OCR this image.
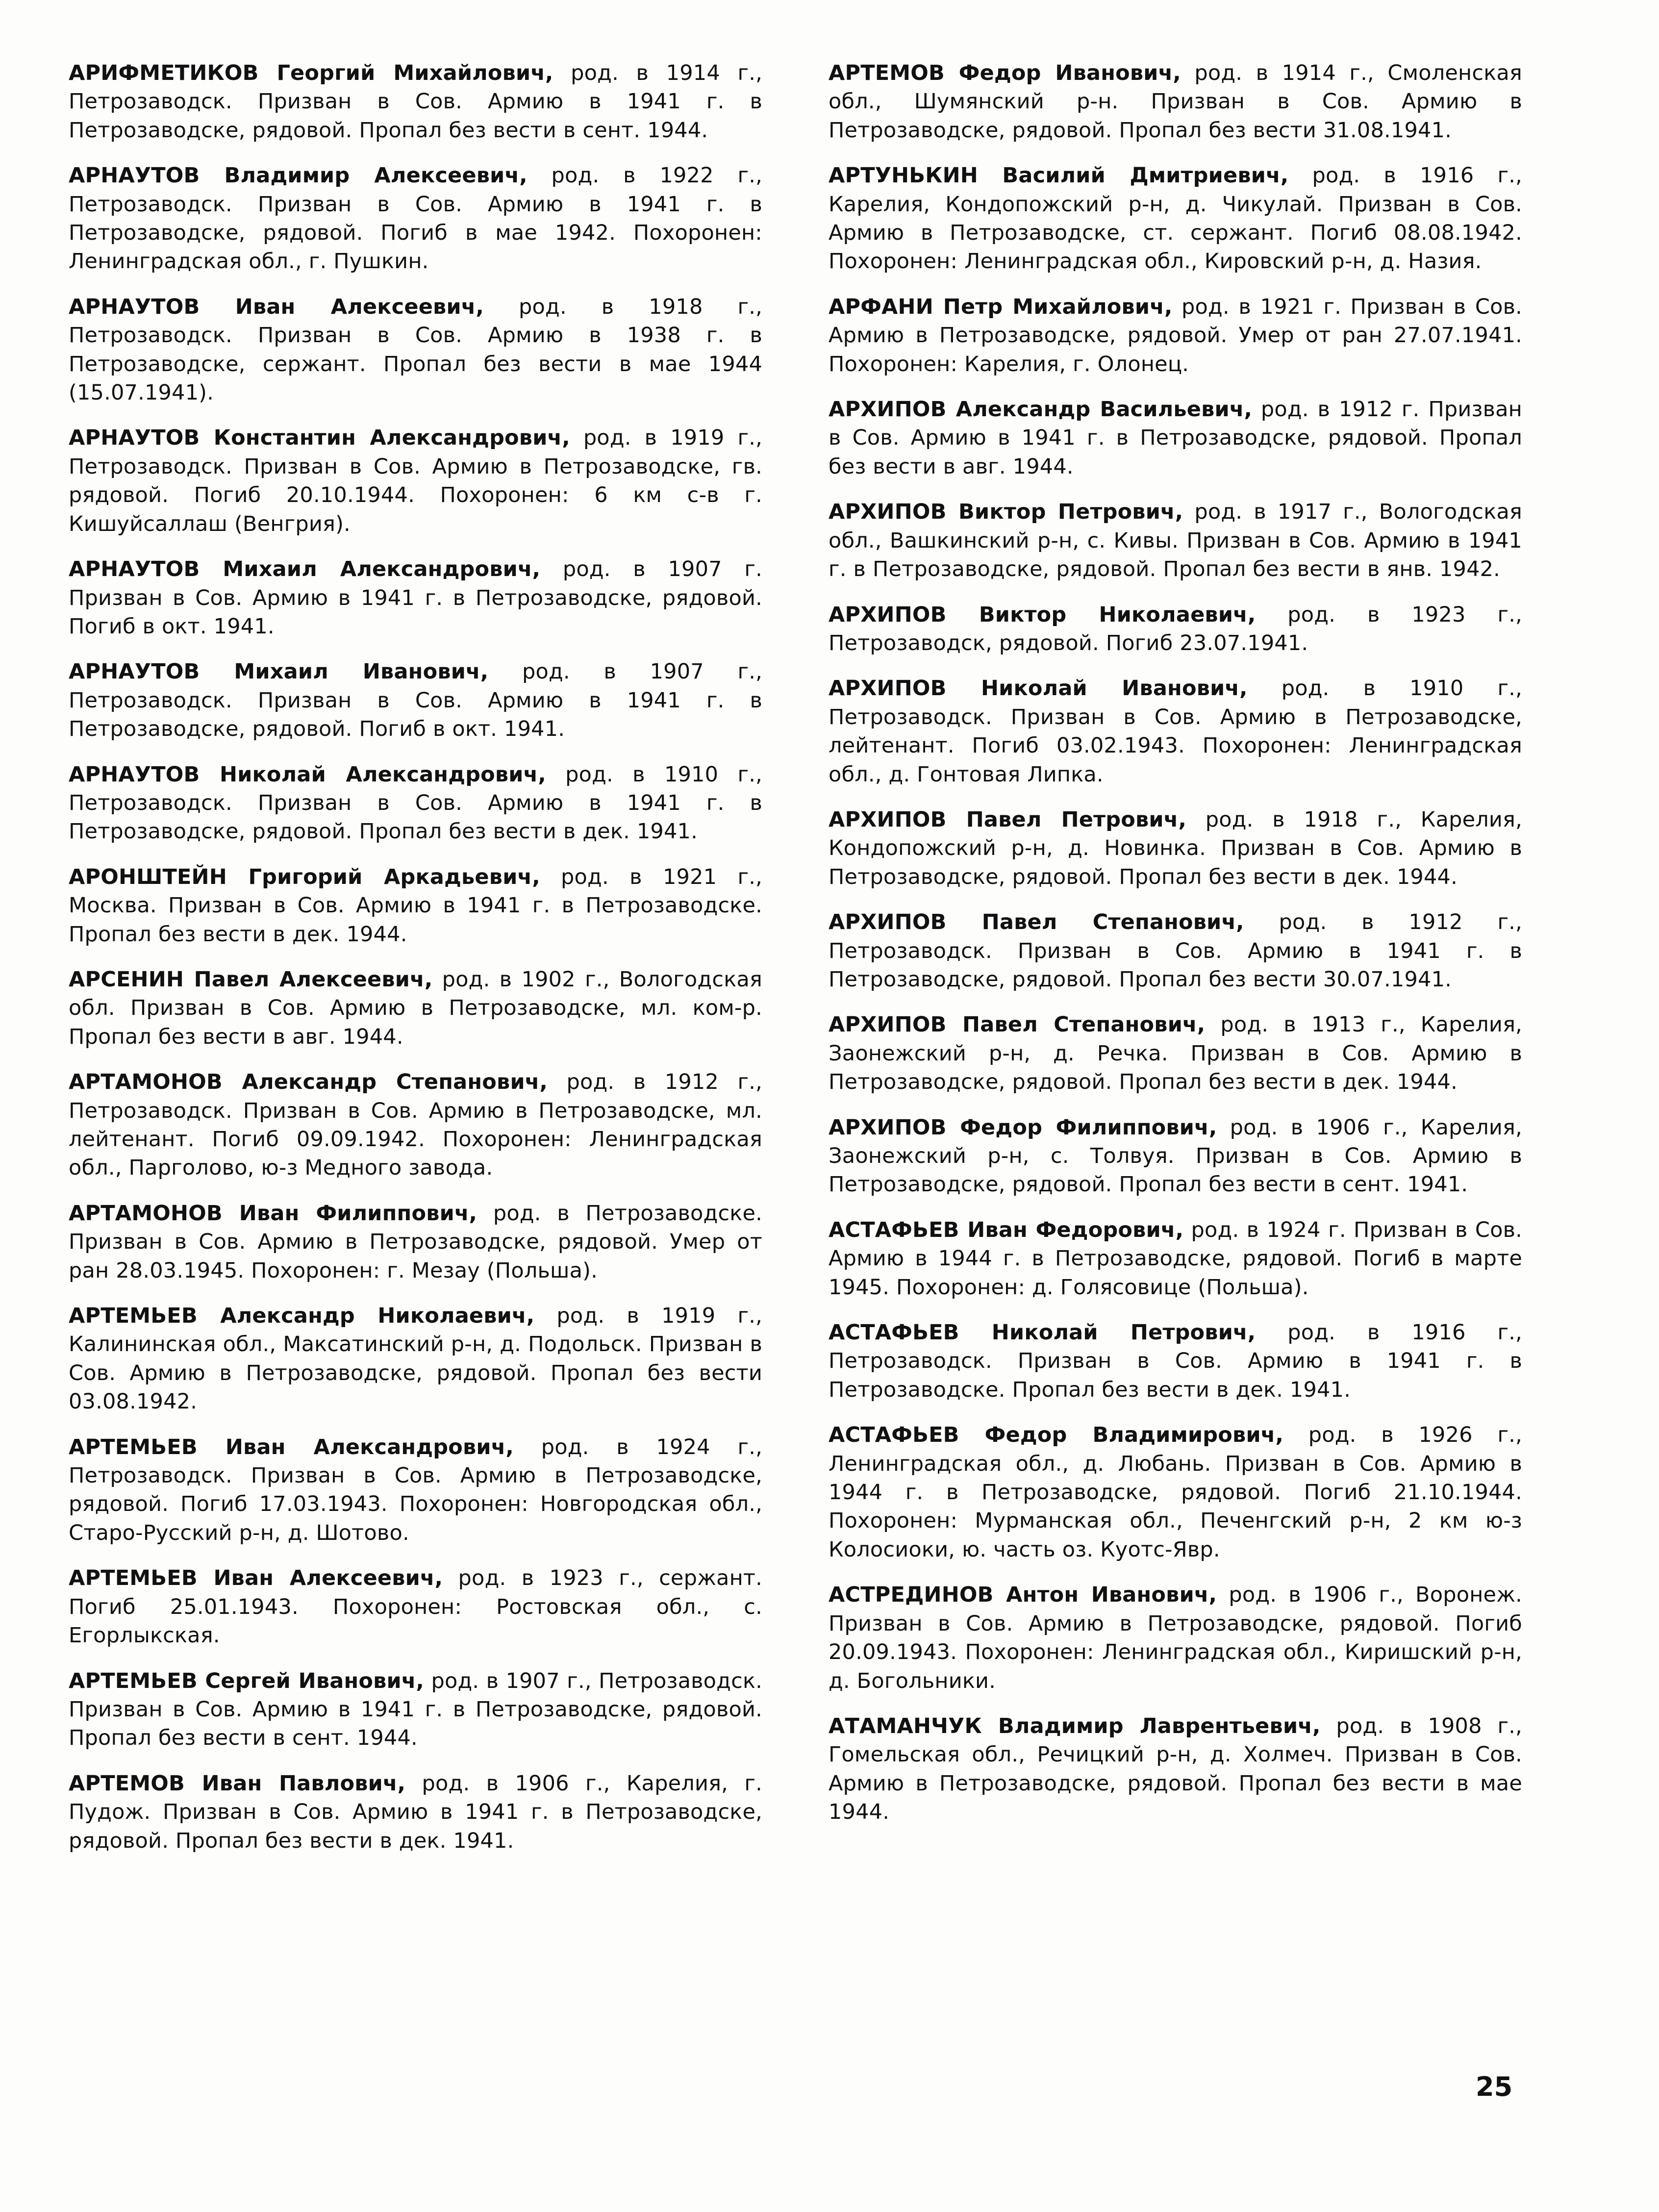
АРИФМЕТИКОВ Георгий Михайлович, род. в 1914 г., Петрозаводск. Призван в Сов. Армию в 1941 г. в Петрозаводске, рядовой. Пропал без вести в сент. 1944.

АРНАУТОВ Владимир Алексеевич, род. в 1922 г., Петрозаводск. Призван в Сов. Армию в 1941 г. в Петрозаводске, рядовой. Погиб в мае 1942. Похоронен: Ленинградская обл., г. Пушкин.

АРНАУТОВ Иван Алексеевич, род. в 1918 г., Петрозаводск. Призван в Сов. Армию в 1938 г. в Петрозаводске, сержант. Пропал без вести в мае 1944 (15.07.1941).

АРНАУТОВ Константин Александрович, род. в 1919 г., Петрозаводск. Призван в Сов. Армию в Петрозаводске, гв. рядовой. Погиб 20.10.1944. Похоронен: 6 км с-в г. Кишуйсаллаш (Венгрия).

АРНАУТОВ Михаил Александрович, род. в 1907 г. Призван в Сов. Армию в 1941 г. в Петрозаводске, рядовой. Погиб в окт. 1941.

АРНАУТОВ Михаил Иванович, род. в 1907 г., Петрозаводск. Призван в Сов. Армию в 1941 г. в Петрозаводске, рядовой. Погиб в окт. 1941.

АРНАУТОВ Николай Александрович, род. в 1910 г., Петрозаводск. Призван в Сов. Армию в 1941 г. в Петрозаводске, рядовой. Пропал без вести в дек. 1941.

АРОНШТЕЙН Григорий Аркадьевич, род. в 1921 г., Москва. Призван в Сов. Армию в 1941 г. в Петрозаводске. Пропал без вести в дек. 1944.

АРСЕНИН Павел Алексеевич, род. в 1902 г., Вологодская обл. Призван в Сов. Армию в Петрозаводске, мл. ком-р. Пропал без вести в авг. 1944.

АРТАМОНОВ Александр Степанович, род. в 1912 г., Петрозаводск. Призван в Сов. Армию в Петрозаводске, мл. лейтенант. Погиб 09.09.1942. Похоронен: Ленинградская обл., Парголово, ю-з Медного завода.

АРТАМОНОВ Иван Филиппович, род. в Петрозаводске. Призван в Сов. Армию в Петрозаводске, рядовой. Умер от ран 28.03.1945. Похоронен: г. Мезау (Польша).

АРТЕМЬЕВ Александр Николаевич, род. в 1919 г., Калининская обл., Максатинский р-н, д. Подольск. Призван в Сов. Армию в Петрозаводске, рядовой. Пропал без вести 03.08.1942.

АРТЕМЬЕВ Иван Александрович, род. в 1924 г., Петрозаводск. Призван в Сов. Армию в Петрозаводске, рядовой. Погиб 17.03.1943. Похоронен: Новгородская обл., Старо-Русский р-н, д. Шотово.

АРТЕМЬЕВ Иван Алексеевич, род. в 1923 г., сержант. Погиб 25.01.1943. Похоронен: Ростовская обл., с. Егорлыкская.

АРТЕМЬЕВ Сергей Иванович, род. в 1907 г., Петрозаводск. Призван в Сов. Армию в 1941 г. в Петрозаводске, рядовой. Пропал без вести в сент. 1944.

АРТЕМОВ Иван Павлович, род. в 1906 г., Карелия, г. Пудож. Призван в Сов. Армию в 1941 г. в Петрозаводске, рядовой. Пропал без вести в дек. 1941.

АРТЕМОВ Федор Иванович, род. в 1914 г., Смоленская обл., Шумянский р-н. Призван в Сов. Армию в Петрозаводске, рядовой. Пропал без вести 31.08.1941.

АРТУНЬКИН Василий Дмитриевич, род. в 1916 г., Карелия, Кондопожский р-н, д. Чикулай. Призван в Сов. Армию в Петрозаводске, ст. сержант. Погиб 08.08.1942. Похоронен: Ленинградская обл., Кировский р-н, д. Назия.

АРФАНИ Петр Михайлович, род. в 1921 г. Призван в Сов. Армию в Петрозаводске, рядовой. Умер от ран 27.07.1941. Похоронен: Карелия, г. Олонец.

АРХИПОВ Александр Васильевич, род. в 1912 г. Призван в Сов. Армию в 1941 г. в Петрозаводске, рядовой. Пропал без вести в авг. 1944.

АРХИПОВ Виктор Петрович, род. в 1917 г., Вологодская обл., Вашкинский р-н, с. Кивы. Призван в Сов. Армию в 1941 г. в Петрозаводске, рядовой. Пропал без вести в янв. 1942.

АРХИПОВ Виктор Николаевич, род. в 1923 г., Петрозаводск, рядовой. Погиб 23.07.1941.

АРХИПОВ Николай Иванович, род. в 1910 г., Петрозаводск. Призван в Сов. Армию в Петрозаводске, лейтенант. Погиб 03.02.1943. Похоронен: Ленинградская обл., д. Гонтовая Липка.

АРХИПОВ Павел Петрович, род. в 1918 г., Карелия, Кондопожский р-н, д. Новинка. Призван в Сов. Армию в Петрозаводске, рядовой. Пропал без вести в дек. 1944.

АРХИПОВ Павел Степанович, род. в 1912 г., Петрозаводск. Призван в Сов. Армию в 1941 г. в Петрозаводске, рядовой. Пропал без вести 30.07.1941.

АРХИПОВ Павел Степанович, род. в 1913 г., Карелия, Заонежский р-н, д. Речка. Призван в Сов. Армию в Петрозаводске, рядовой. Пропал без вести в дек. 1944.

АРХИПОВ Федор Филиппович, род. в 1906 г., Карелия, Заонежский р-н, с. Толвуя. Призван в Сов. Армию в Петрозаводске, рядовой. Пропал без вести в сент. 1941.

АСТАФЬЕВ Иван Федорович, род. в 1924 г. Призван в Сов. Армию в 1944 г. в Петрозаводске, рядовой. Погиб в марте 1945. Похоронен: д. Голясовице (Польша).

АСТАФЬЕВ Николай Петрович, род. в 1916 г., Петрозаводск. Призван в Сов. Армию в 1941 г. в Петрозаводске. Пропал без вести в дек. 1941.

АСТАФЬЕВ Федор Владимирович, род. в 1926 г., Ленинградская обл., д. Любань. Призван в Сов. Армию в 1944 г. в Петрозаводске, рядовой. Погиб 21.10.1944. Похоронен: Мурманская обл., Печенгский р-н, 2 км ю-з Колосиоки, ю. часть оз. Куотс-Явр.

АСТРЕДИНОВ Антон Иванович, род. в 1906 г., Воронеж. Призван в Сов. Армию в Петрозаводске, рядовой. Погиб 20.09.1943. Похоронен: Ленинградская обл., Киришский р-н, д. Богольники.

АТАМАНЧУК Владимир Лаврентьевич, род. в 1908 г., Гомельская обл., Речицкий р-н, д. Холмеч. Призван в Сов. Армию в Петрозаводске, рядовой. Пропал без вести в мае 1944.

25
